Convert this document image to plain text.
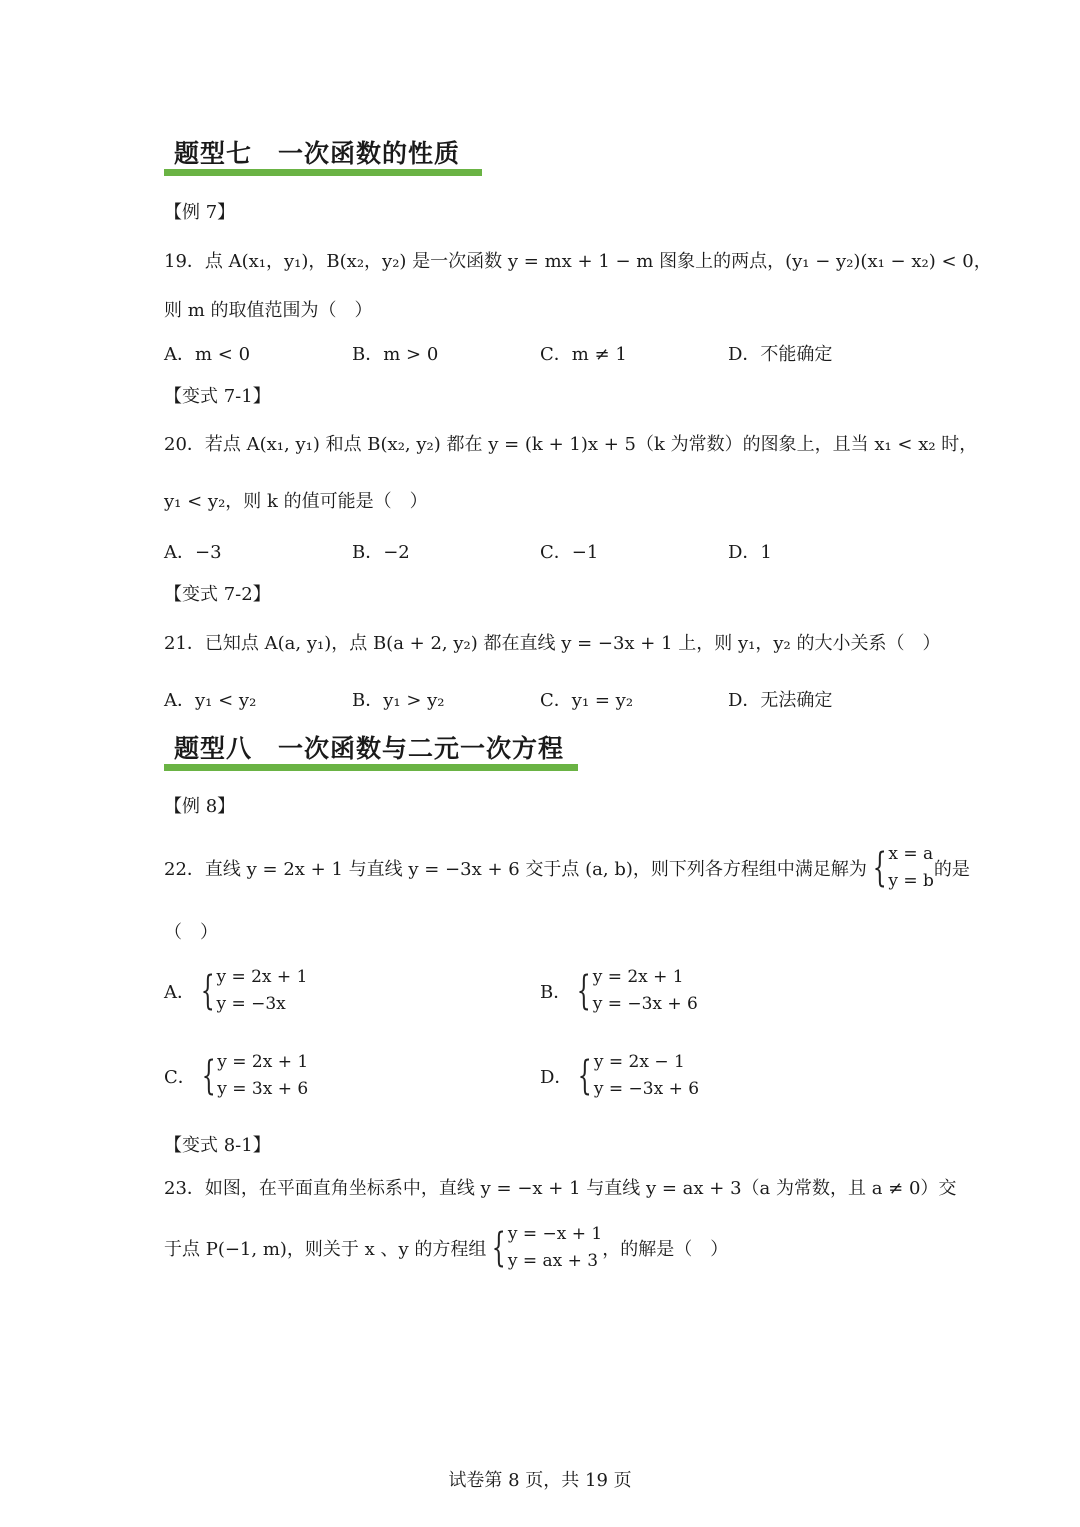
题型七　一次函数的性质
【例 7】
19．点 A(x₁，y₁)，B(x₂，y₂) 是一次函数 y = mx + 1 − m 图象上的两点，(y₁ − y₂)(x₁ − x₂) < 0，
则 m 的取值范围为（　）
A．m < 0	B．m > 0	C．m ≠ 1	D．不能确定
【变式 7-1】
20．若点 A(x₁, y₁) 和点 B(x₂, y₂) 都在 y = (k + 1)x + 5（k 为常数）的图象上，且当 x₁ < x₂ 时，
y₁ < y₂，则 k 的值可能是（　）
A．−3	B．−2	C．−1	D．1
【变式 7-2】
21．已知点 A(a, y₁)，点 B(a + 2, y₂) 都在直线 y = −3x + 1 上，则 y₁，y₂ 的大小关系（　）
A．y₁ < y₂	B．y₁ > y₂	C．y₁ = y₂	D．无法确定
题型八　一次函数与二元一次方程
【例 8】
22．直线 y = 2x + 1 与直线 y = −3x + 6 交于点 (a, b)，则下列各方程组中满足解为 { x = a
y = b
的是
（　）
A． { y = 2x + 1
y = −3x
B． { y = 2x + 1
y = −3x + 6
C． { y = 2x + 1
y = 3x + 6
D． { y = 2x − 1
y = −3x + 6
【变式 8-1】
23．如图，在平面直角坐标系中，直线 y = −x + 1 与直线 y = ax + 3（a 为常数，且 a ≠ 0）交
于点 P(−1, m)，则关于 x 、y 的方程组 { y = −x + 1
y = ax + 3
，的解是（　）
试卷第 8 页，共 19 页
